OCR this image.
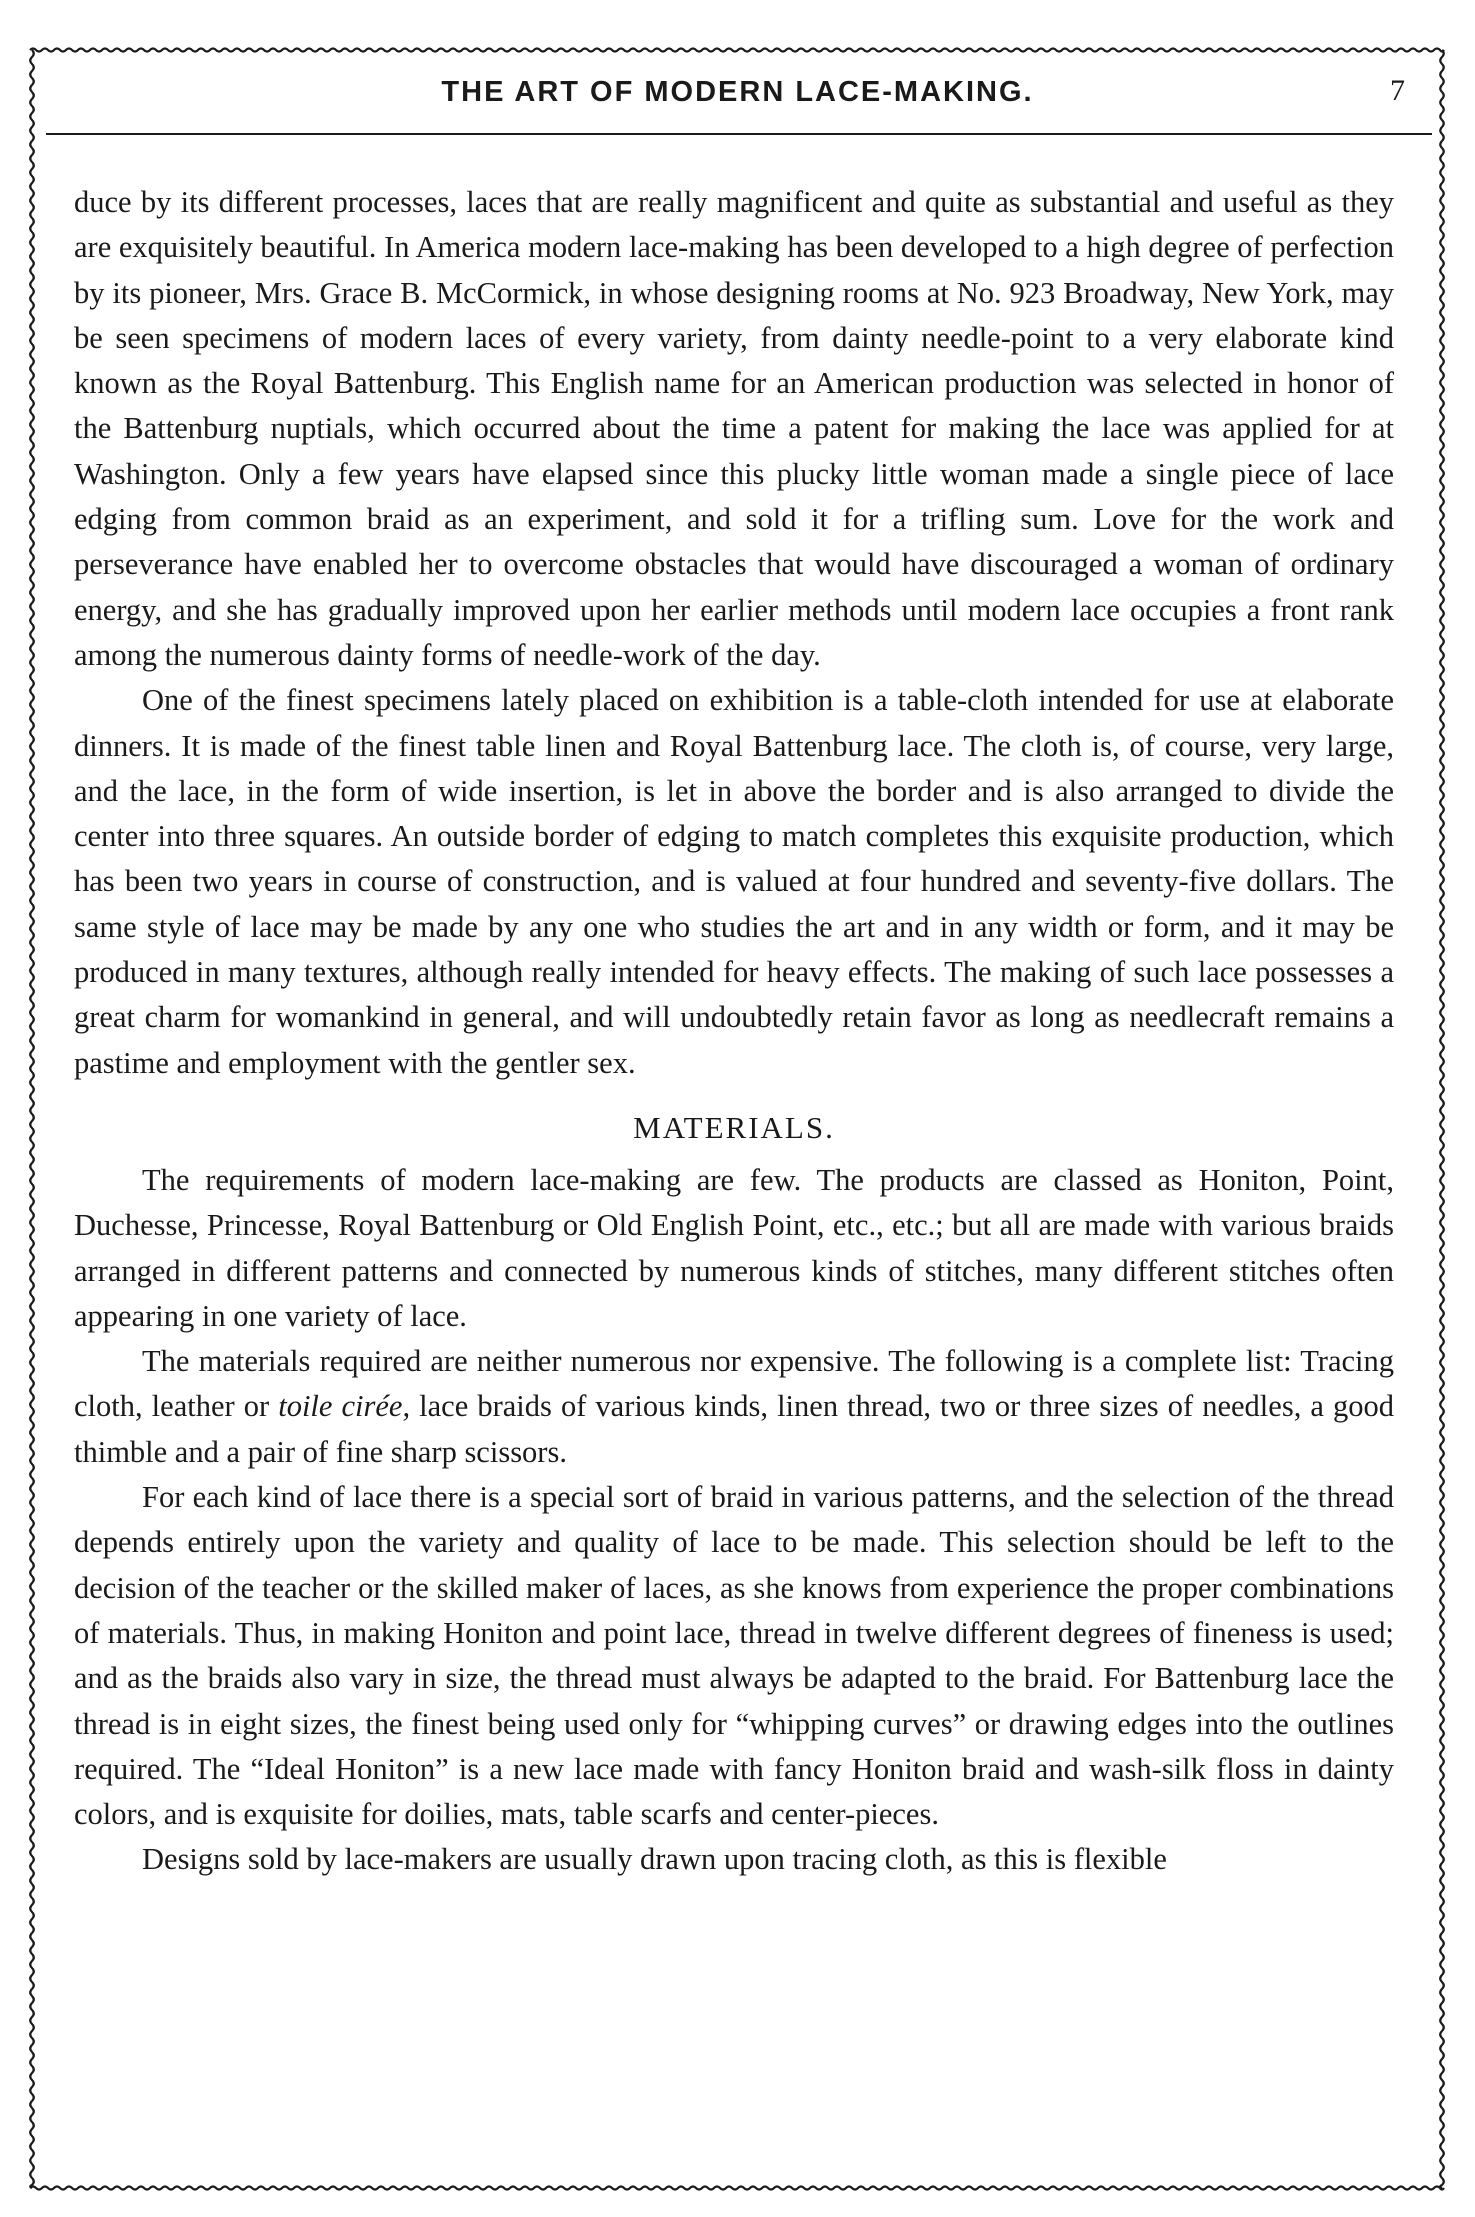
THE ART OF MODERN LACE-MAKING.	7

duce by its different processes, laces that are really magnificent and quite as substantial and useful as they are exquisitely beautiful. In America modern lace-making has been developed to a high degree of perfection by its pioneer, Mrs. Grace B. McCormick, in whose designing rooms at No. 923 Broadway, New York, may be seen specimens of modern laces of every variety, from dainty needle-point to a very elaborate kind known as the Royal Battenburg. This English name for an American production was selected in honor of the Battenburg nuptials, which occurred about the time a patent for making the lace was applied for at Washington. Only a few years have elapsed since this plucky little woman made a single piece of lace edging from common braid as an experiment, and sold it for a trifling sum. Love for the work and perseverance have enabled her to overcome obstacles that would have discouraged a woman of ordinary energy, and she has gradually improved upon her earlier methods until modern lace occupies a front rank among the numerous dainty forms of needle-work of the day.

One of the finest specimens lately placed on exhibition is a table-cloth intended for use at elaborate dinners. It is made of the finest table linen and Royal Battenburg lace. The cloth is, of course, very large, and the lace, in the form of wide insertion, is let in above the border and is also arranged to divide the center into three squares. An outside border of edging to match completes this exquisite production, which has been two years in course of construction, and is valued at four hundred and seventy-five dollars. The same style of lace may be made by any one who studies the art and in any width or form, and it may be produced in many textures, although really intended for heavy effects. The making of such lace possesses a great charm for womankind in general, and will undoubtedly retain favor as long as needlecraft remains a pastime and employment with the gentler sex.

MATERIALS.

The requirements of modern lace-making are few. The products are classed as Honiton, Point, Duchesse, Princesse, Royal Battenburg or Old English Point, etc., etc.; but all are made with various braids arranged in different patterns and connected by numerous kinds of stitches, many different stitches often appearing in one variety of lace.

The materials required are neither numerous nor expensive. The following is a complete list: Tracing cloth, leather or toile cirée, lace braids of various kinds, linen thread, two or three sizes of needles, a good thimble and a pair of fine sharp scissors.

For each kind of lace there is a special sort of braid in various patterns, and the selection of the thread depends entirely upon the variety and quality of lace to be made. This selection should be left to the decision of the teacher or the skilled maker of laces, as she knows from experience the proper combinations of materials. Thus, in making Honiton and point lace, thread in twelve different degrees of fineness is used; and as the braids also vary in size, the thread must always be adapted to the braid. For Battenburg lace the thread is in eight sizes, the finest being used only for “whipping curves” or drawing edges into the outlines required. The “Ideal Honiton” is a new lace made with fancy Honiton braid and wash-silk floss in dainty colors, and is exquisite for doilies, mats, table scarfs and center-pieces.

Designs sold by lace-makers are usually drawn upon tracing cloth, as this is flexible
